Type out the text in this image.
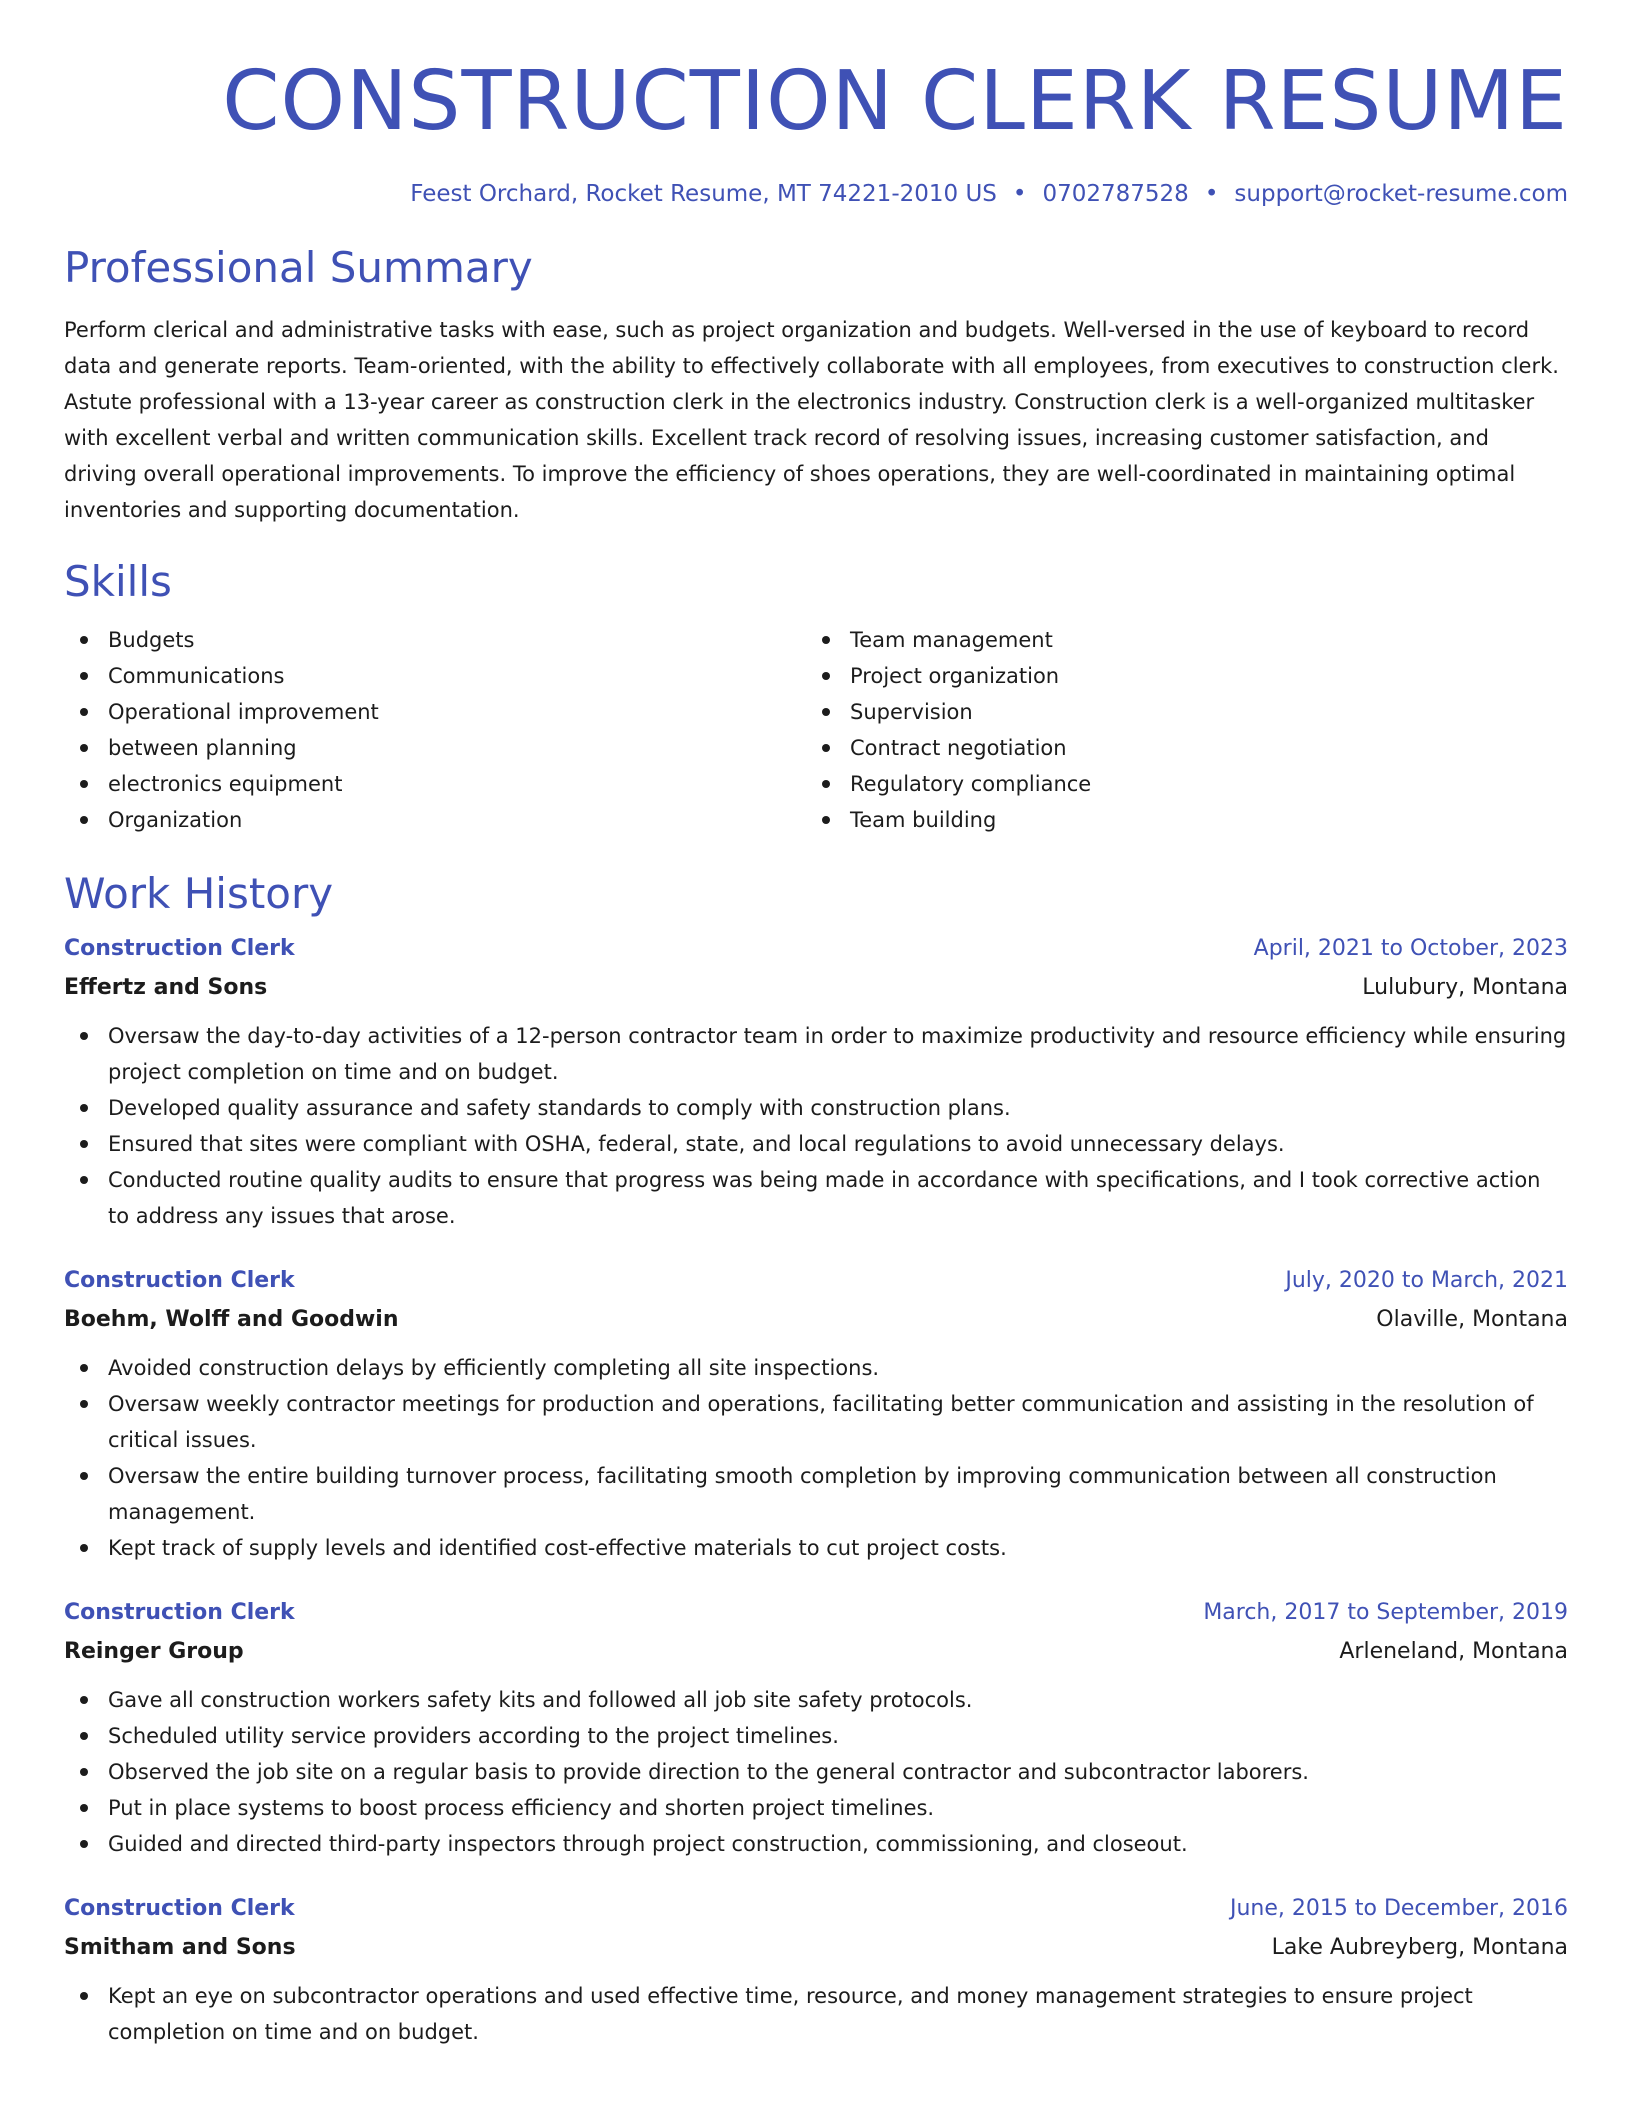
CONSTRUCTION CLERK RESUME
Feest Orchard, Rocket Resume, MT 74221-2010 US • 0702787528 • support@rocket-resume.com
Professional Summary

Perform clerical and administrative tasks with ease, such as project organization and budgets. Well-versed in the use of keyboard to record data and generate reports. Team-oriented, with the ability to effectively collaborate with all employees, from executives to construction clerk. Astute professional with a 13-year career as construction clerk in the electronics industry. Construction clerk is a well-organized multitasker with excellent verbal and written communication skills. Excellent track record of resolving issues, increasing customer satisfaction, and driving overall operational improvements. To improve the efficiency of shoes operations, they are well-coordinated in maintaining optimal inventories and supporting documentation.

Skills
Budgets
Communications
Operational improvement
between planning
electronics equipment
Organization
Team management
Project organization
Supervision
Contract negotiation
Regulatory compliance
Team building
Work History
Construction Clerk	April, 2021 to October, 2023
Effertz and Sons	Lulubury, Montana
Oversaw the day-to-day activities of a 12-person contractor team in order to maximize productivity and resource efficiency while ensuring project completion on time and on budget.
Developed quality assurance and safety standards to comply with construction plans.
Ensured that sites were compliant with OSHA, federal, state, and local regulations to avoid unnecessary delays.
Conducted routine quality audits to ensure that progress was being made in accordance with specifications, and I took corrective action to address any issues that arose.
Construction Clerk	July, 2020 to March, 2021
Boehm, Wolff and Goodwin	Olaville, Montana
Avoided construction delays by efficiently completing all site inspections.
Oversaw weekly contractor meetings for production and operations, facilitating better communication and assisting in the resolution of critical issues.
Oversaw the entire building turnover process, facilitating smooth completion by improving communication between all construction management.
Kept track of supply levels and identified cost-effective materials to cut project costs.
Construction Clerk	March, 2017 to September, 2019
Reinger Group	Arleneland, Montana
Gave all construction workers safety kits and followed all job site safety protocols.
Scheduled utility service providers according to the project timelines.
Observed the job site on a regular basis to provide direction to the general contractor and subcontractor laborers.
Put in place systems to boost process efficiency and shorten project timelines.
Guided and directed third-party inspectors through project construction, commissioning, and closeout.
Construction Clerk	June, 2015 to December, 2016
Smitham and Sons	Lake Aubreyberg, Montana
Kept an eye on subcontractor operations and used effective time, resource, and money management strategies to ensure project completion on time and on budget.
